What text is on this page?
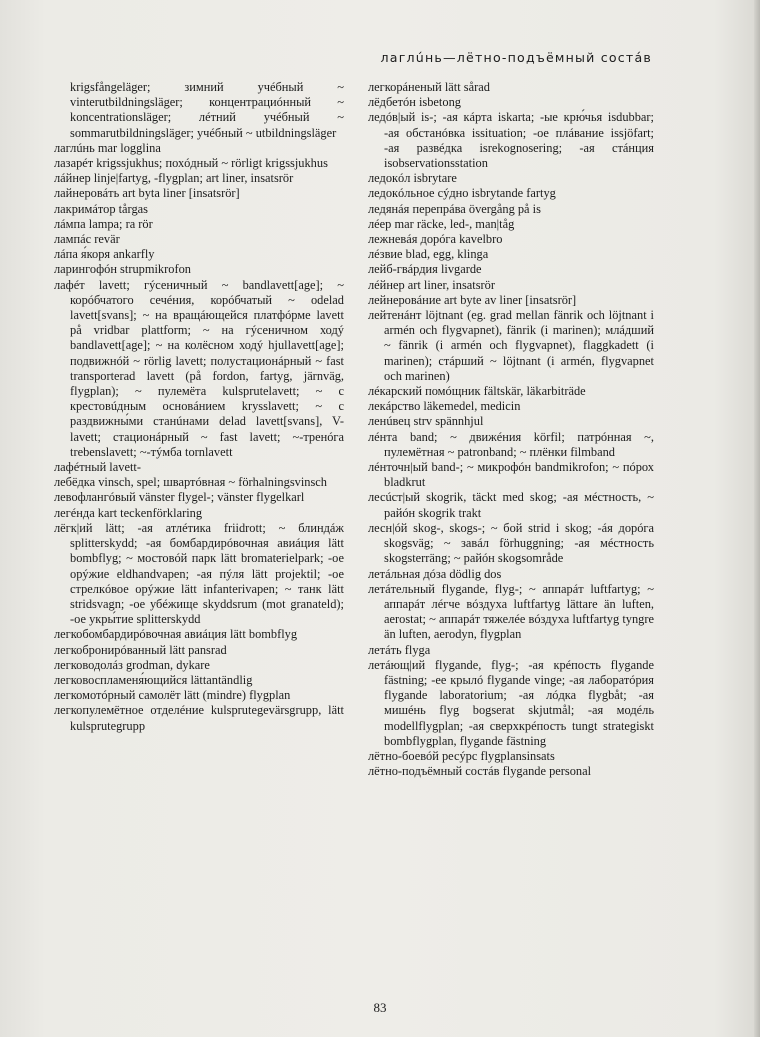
лаглúнь—лётно-подъёмный состáв

krigsfångeläger; зимний учéбный ~ vinterutbildningsläger; концентрациóнный ~ koncentrationsläger; лéтний учéбный ~ sommarutbildningsläger; учéбный ~ utbildningsläger

лаглúнь mar logglina

лазарéт krigssjukhus; похóдный ~ rörligt krigssjukhus

лáйнер linje|fartyg, -flygplan; art liner, insatsrör

лайнеровáть art byta liner [insatsrör]

лакримáтор tårgas

лáмпа lampa; ra rör

лампáс revär

лáпа я́коря ankarfly

ларингофóн strupmikrofon

лафéт lavett; гýсеничный ~ bandlavett[age]; ~ корóбчатого сечéния, корóбчатый ~ odelad lavett[svans]; ~ на вращáющейся платфóрме lavett på vridbar plattform; ~ на гýсеничном ходý bandlavett[age]; ~ на колёсном ходý hjullavett[age]; подвижнóй ~ rörlig lavett; полустационáрный ~ fast transporterad lavett (på fordon, fartyg, järnväg, flygplan); ~ пулемёта kulsprutelavett; ~ с крестовúдным оснoвáнием krysslavett; ~ с раздвижны́ми станúнами delad lavett[svans], V-lavett; стационáрный ~ fast lavett; ~-тренóга trebenslavett; ~-тýмба tornlavett

лафéтный lavett-

лебёдка vinsch, spel; швартóвная ~ förhalningsvinsch

левофлангóвый vänster flygel-; vänster flygelkarl

легéнда kart teckenförklaring

лёгк|ий lätt; -ая атлéтика friidrott; ~ блиндáж splitterskydd; -ая бомбардирóвочная авиáция lätt bombflyg; ~ мостовóй парк lätt bromaterielpark; -ое орýжие eldhandvapen; -ая пýля lätt projektil; -ое стрелкóвое орýжие lätt infanterivapen; ~ танк lätt stridsvagn; -ое убéжище skyddsrum (mot granateld); -ое укры́тие splitterskydd

легкобомбардирóвочная авиáция lätt bombflyg

легкобронирóванный lätt pansrad

легководолáз grodman, dykare

легковоспламеня́ющийся lättantändlig

легкомотóрный самолёт lätt (mindre) flygplan

легкопулемётное отделéние kulsprutegevärsgrupp, lätt kulsprutegrupp

легкорáненый lätt sårad

лёдбетóн isbetong

ледóв|ый is-; -ая кáрта iskarta; -ые крю́чья isdubbar; -ая обстанóвка issituation; -ое плáвание issjöfart; -ая развéдка isrekognosering; -ая стáнция isobservationsstation

ледокóл isbrytare

ледокóльное сýдно isbrytande fartyg

ледянáя перепрáва övergång på is

лéер mar räcke, led-, man|tåg

лежневáя дорóга kavelbro

лéзвие blad, egg, klinga

лейб-гвáрдия livgarde

лéйнер art liner, insatsrör

лейнеровáние art byte av liner [insatsrör]

лейтенáнт löjtnant (eg. grad mellan fänrik och löjtnant i armén och flygvapnet), fänrik (i marinen); млáдший ~ fänrik (i armén och flygvapnet), flaggkadett (i marinen); стáрший ~ löjtnant (i armén, flygvapnet och marinen)

лéкарский помóщник fältskär, läkarbiträde

лекáрство läkemedel, medicin

ленúвец strv spännhjul

лéнта band; ~ движéния körfil; патрóнная ~, пулемётная ~ patronband; ~ плёнки filmband

лéнточн|ый band-; ~ микрофóн bandmikrofon; ~ пóрох bladkrut

лесúст|ый skogrik, täckt med skog; -ая мéстность, ~ райóн skogrik trakt

лесн|óй skog-, skogs-; ~ бой strid i skog; -áя дорóга skogsväg; ~ завáл förhuggning; -ая мéстность skogsterräng; ~ райóн skogsområde

летáльная дóза dödlig dos

летáтельный flygande, flyg-; ~ аппарáт luftfartyg; ~ аппарáт лéгче вóздуха luftfartyg lättare än luften, aerostat; ~ аппарáт тяжелéе вóздуха luftfartyg tyngre än luften, aerodyn, flygplan

летáть flyga

летáющ|ий flygande, flyg-; -ая крéпость flygande fästning; -ее крылó flygande vinge; -ая лаборатóрия flygande laboratorium; -ая лóдка flygbåt; -ая мишéнь flyg bogserat skjutmål; -ая модéль modellflygplan; -ая сверхкрéпость tungt strategiskt bombflygplan, flygande fästning

лётно-боевóй ресýрс flygplansinsats

лётно-подъёмный состáв flygande personal

83
